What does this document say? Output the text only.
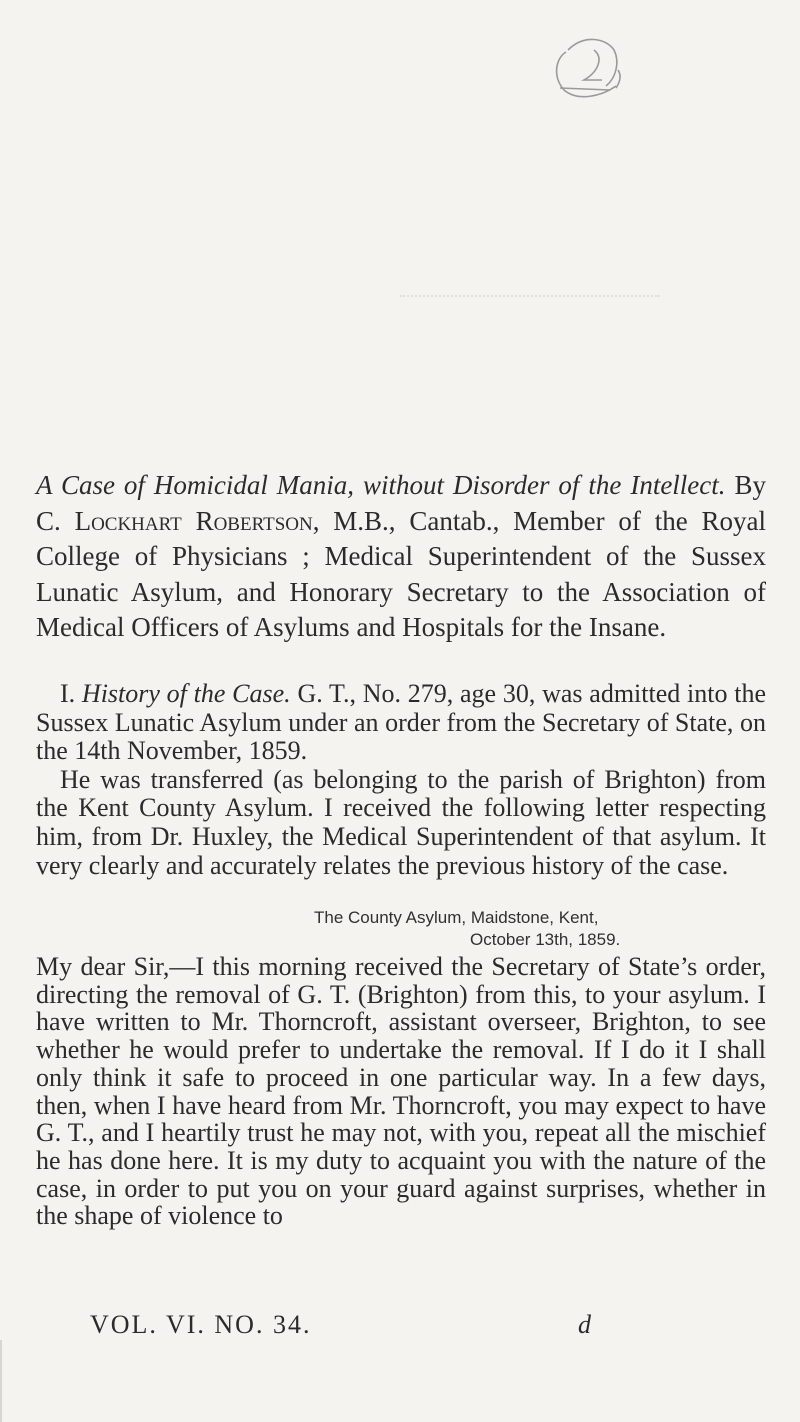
A Case of Homicidal Mania, without Disorder of the Intellect. By C. Lockhart Robertson, M.B., Cantab., Member of the Royal College of Physicians ; Medical Superintendent of the Sussex Lunatic Asylum, and Honorary Secretary to the Association of Medical Officers of Asylums and Hospitals for the Insane.

I. History of the Case. G. T., No. 279, age 30, was admitted into the Sussex Lunatic Asylum under an order from the Secretary of State, on the 14th November, 1859.

He was transferred (as belonging to the parish of Brighton) from the Kent County Asylum. I received the following letter respecting him, from Dr. Huxley, the Medical Superintendent of that asylum. It very clearly and accurately relates the previous history of the case.

The County Asylum, Maidstone, Kent,
October 13th, 1859.

My dear Sir,—I this morning received the Secretary of State’s order, directing the removal of G. T. (Brighton) from this, to your asylum. I have written to Mr. Thorncroft, assistant overseer, Brighton, to see whether he would prefer to undertake the removal. If I do it I shall only think it safe to proceed in one particular way. In a few days, then, when I have heard from Mr. Thorncroft, you may expect to have G. T., and I heartily trust he may not, with you, repeat all the mischief he has done here. It is my duty to acquaint you with the nature of the case, in order to put you on your guard against surprises, whether in the shape of violence to

VOL. VI. NO. 34.	d
